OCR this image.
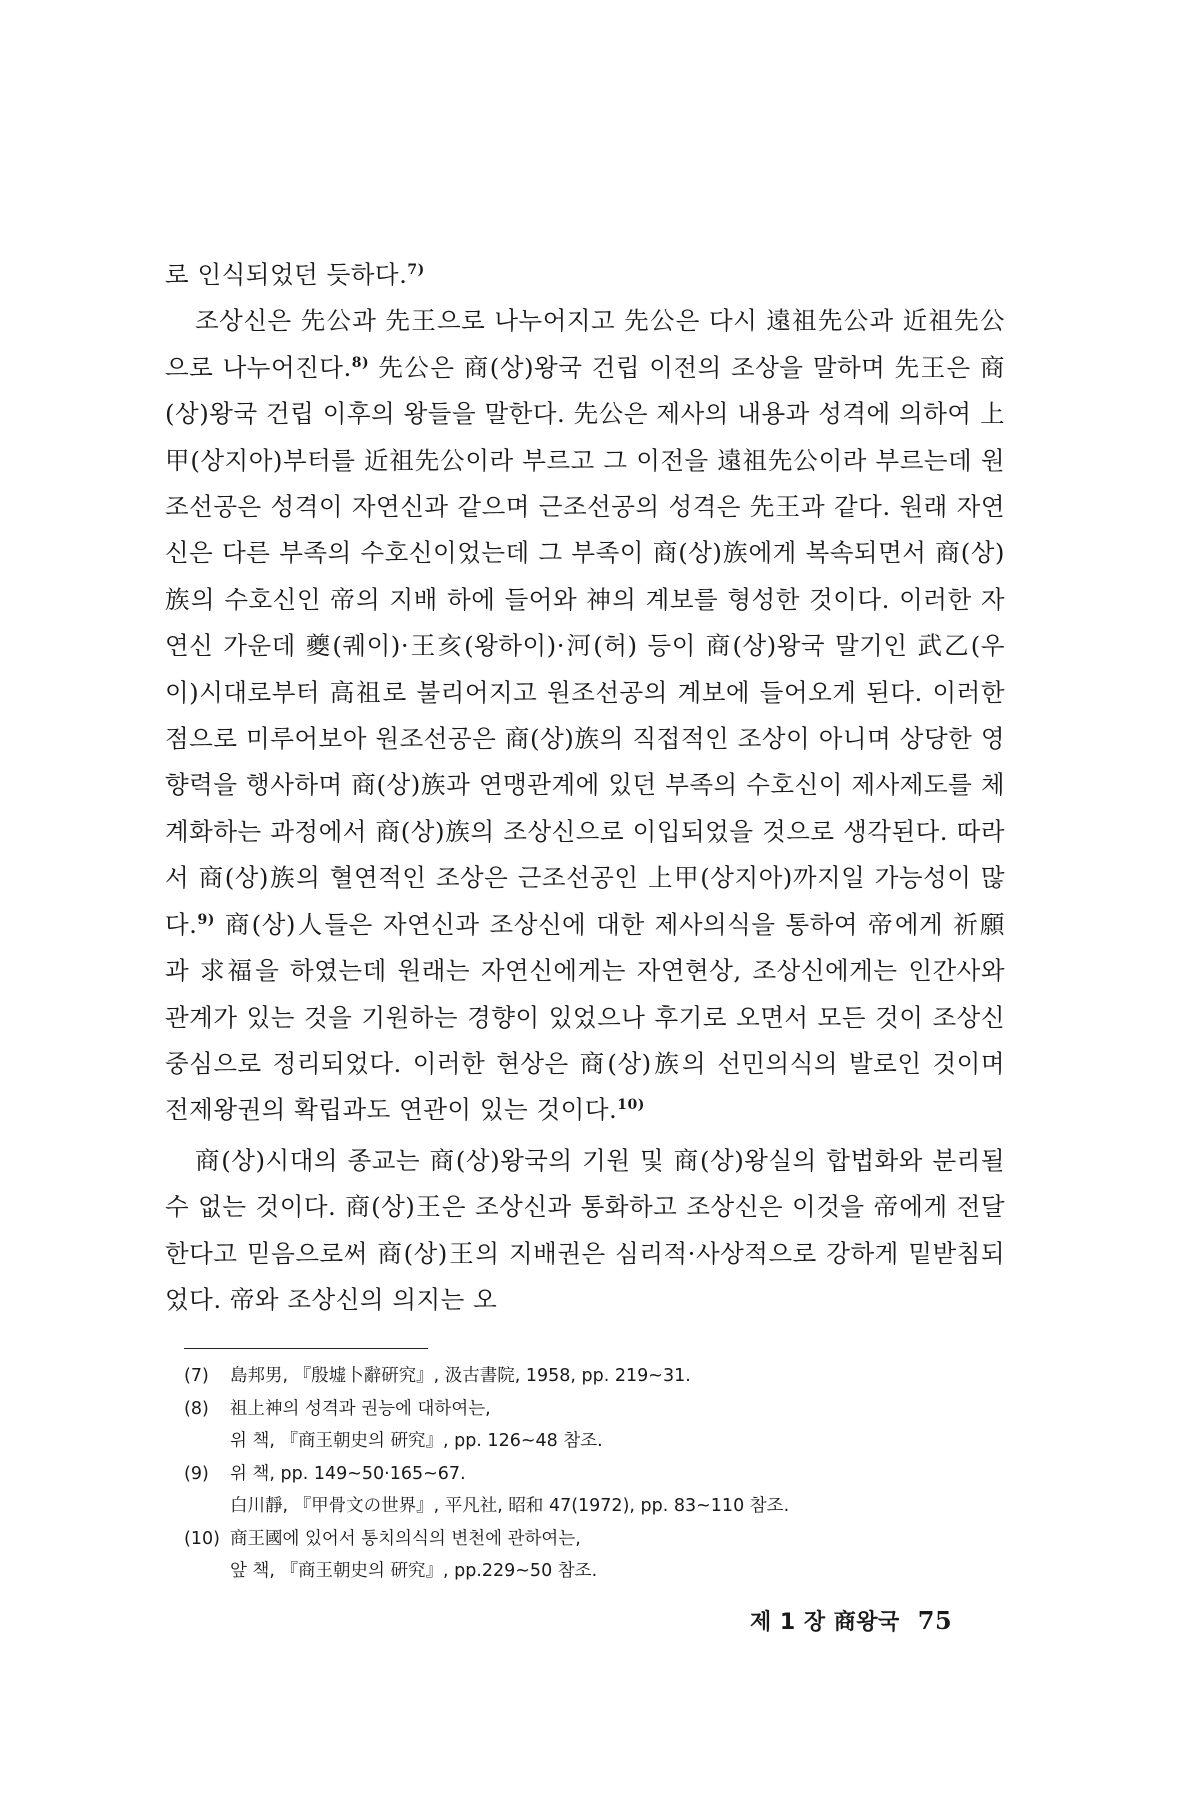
로 인식되었던 듯하다.$^{7)}$

조상신은 先公과 先王으로 나누어지고 先公은 다시 遠祖先公과 近祖先公으로 나누어진다.$^{8)}$ 先公은 商(상)왕국 건립 이전의 조상을 말하며 先王은 商(상)왕국 건립 이후의 왕들을 말한다. 先公은 제사의 내용과 성격에 의하여 上甲(상지아)부터를 近祖先公이라 부르고 그 이전을 遠祖先公이라 부르는데 원조선공은 성격이 자연신과 같으며 근조선공의 성격은 先王과 같다. 원래 자연신은 다른 부족의 수호신이었는데 그 부족이 商(상)族에게 복속되면서 商(상)族의 수호신인 帝의 지배 하에 들어와 神의 계보를 형성한 것이다. 이러한 자연신 가운데 夔(퀘이)·王亥(왕하이)·河(허) 등이 商(상)왕국 말기인 武乙(우이)시대로부터 高祖로 불리어지고 원조선공의 계보에 들어오게 된다. 이러한 점으로 미루어보아 원조선공은 商(상)族의 직접적인 조상이 아니며 상당한 영향력을 행사하며 商(상)族과 연맹관계에 있던 부족의 수호신이 제사제도를 체계화하는 과정에서 商(상)族의 조상신으로 이입되었을 것으로 생각된다. 따라서 商(상)族의 혈연적인 조상은 근조선공인 上甲(상지아)까지일 가능성이 많다.$^{9)}$ 商(상)人들은 자연신과 조상신에 대한 제사의식을 통하여 帝에게 祈願과 求福을 하였는데 원래는 자연신에게는 자연현상, 조상신에게는 인간사와 관계가 있는 것을 기원하는 경향이 있었으나 후기로 오면서 모든 것이 조상신 중심으로 정리되었다. 이러한 현상은 商(상)族의 선민의식의 발로인 것이며 전제왕권의 확립과도 연관이 있는 것이다.$^{10)}$

商(상)시대의 종교는 商(상)왕국의 기원 및 商(상)왕실의 합법화와 분리될 수 없는 것이다. 商(상)王은 조상신과 통화하고 조상신은 이것을 帝에게 전달한다고 믿음으로써 商(상)王의 지배권은 심리적·사상적으로 강하게 밑받침되었다. 帝와 조상신의 의지는 오

(7)	島邦男, 『殷墟卜辭硏究』, 汲古書院, 1958, pp. 219~31.
(8)	祖上神의 성격과 권능에 대하여는,
위 책, 『商王朝史의 硏究』, pp. 126~48 참조.
(9)	위 책, pp. 149~50·165~67.
白川靜, 『甲骨文の世界』, 平凡社, 昭和 47(1972), pp. 83~110 참조.
(10) 商王國에 있어서 통치의식의 변천에 관하여는,
앞 책, 『商王朝史의 硏究』, pp.229~50 참조.
제 1 장 商왕국 75
